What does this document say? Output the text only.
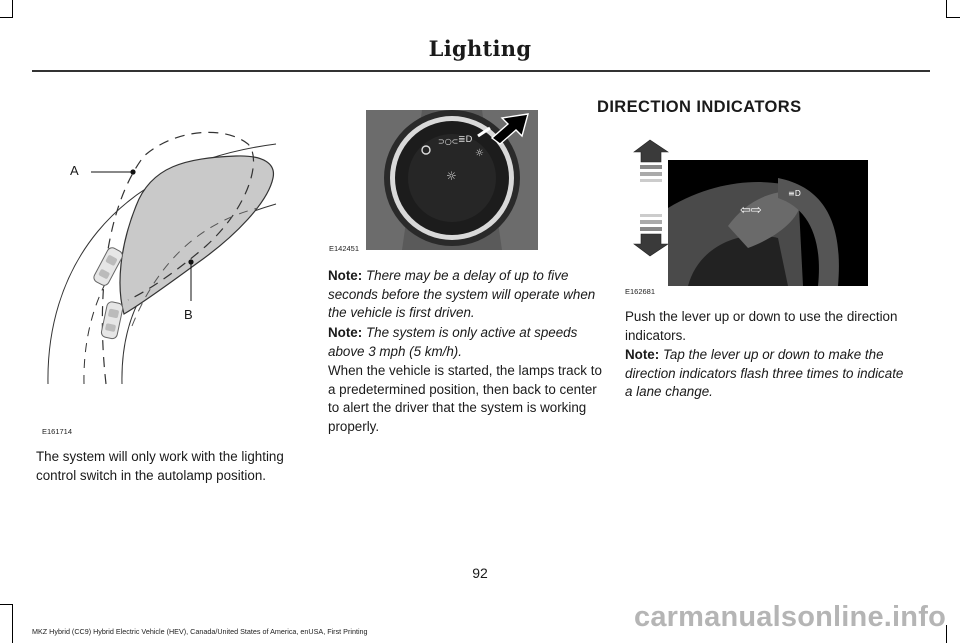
Lighting
A
B
E161714
⊃○⊂ ≣D
☼
☼
E142451

The system will only work with the lighting control switch in the autolamp position.

Note: There may be a delay of up to five seconds before the system will operate when the vehicle is first driven.

Note: The system is only active at speeds above 3 mph (5 km/h).

When the vehicle is started, the lamps track to a predetermined position, then back to center to alert the driver that the system is working properly.

DIRECTION INDICATORS
⇦⇨
≡D
E162681

Push the lever up or down to use the direction indicators.

Note: Tap the lever up or down to make the direction indicators flash three times to indicate a lane change.

92
MKZ Hybrid (CC9) Hybrid Electric Vehicle (HEV), Canada/United States of America, enUSA, First Printing	carmanualsonline.info
